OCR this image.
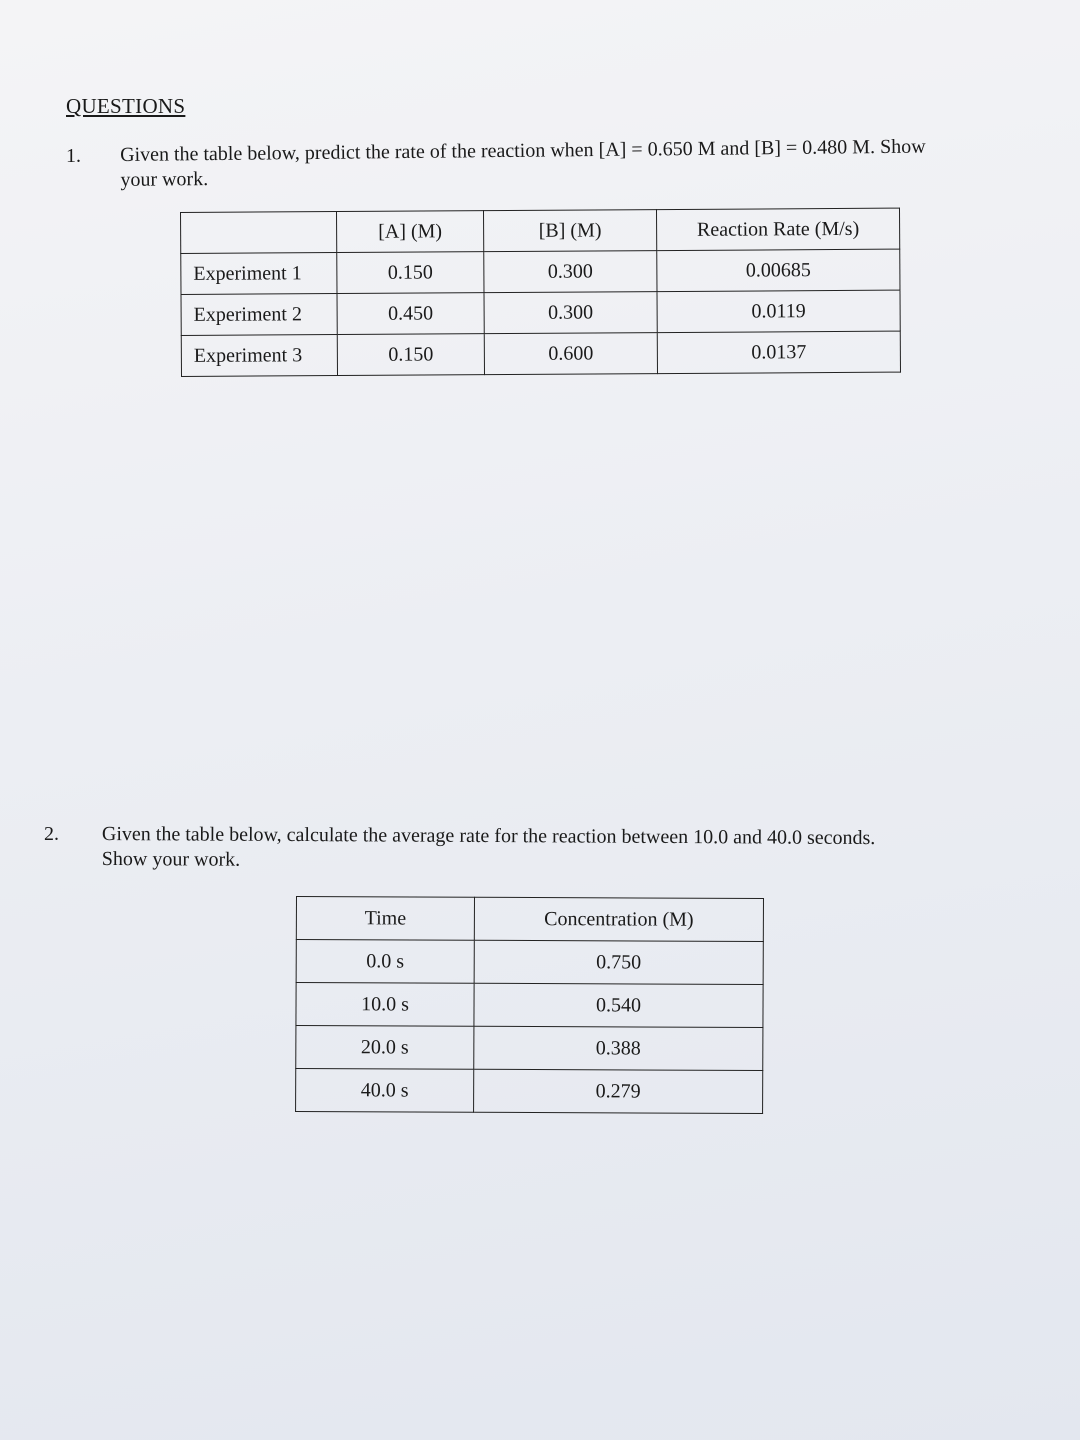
QUESTIONS
1. Given the table below, predict the rate of the reaction when [A] = 0.650 M and [B] = 0.480 M. Show
your work.
	[A] (M)	[B] (M)	Reaction Rate (M/s)
Experiment 1	0.150	0.300	0.00685
Experiment 2	0.450	0.300	0.0119
Experiment 3	0.150	0.600	0.0137
2. Given the table below, calculate the average rate for the reaction between 10.0 and 40.0 seconds.
Show your work.
Time	Concentration (M)
0.0 s	0.750
10.0 s	0.540
20.0 s	0.388
40.0 s	0.279
